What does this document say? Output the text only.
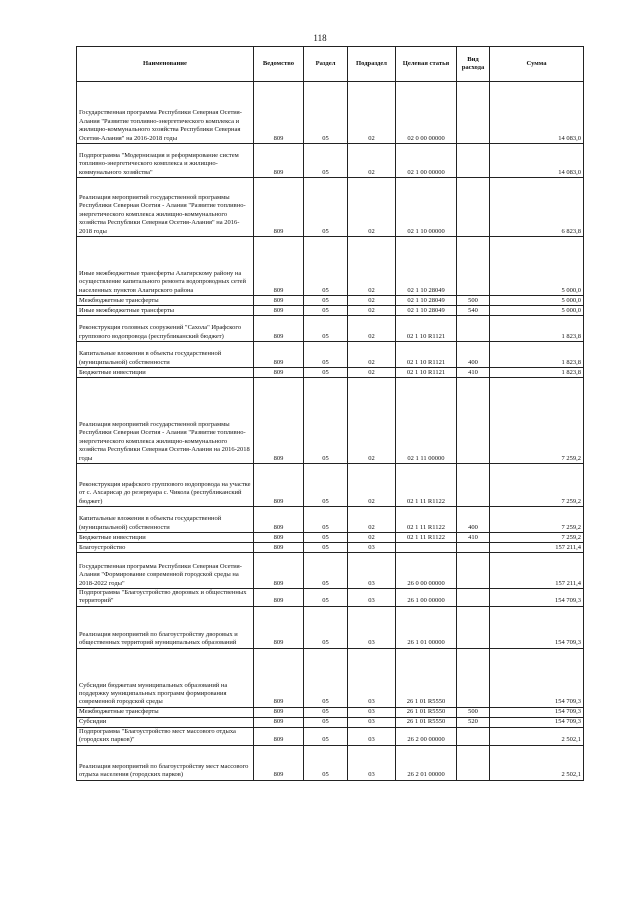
118
Наименование	Ведомство	Раздел	Подраздел	Целевая статья	Вид расхода	Сумма
Государственная программа Республики Северная Осетия-Алания "Развитие топливно-энергетического комплекса и жилищно-коммунального хозяйства Республики Северная Осетия-Алания" на 2016-2018 годы	809	05	02	02 0 00 00000		14 083,0
Подпрограмма "Модернизация и реформирование систем топливно-энергетического комплекса и жилищно-коммунального хозяйства"	809	05	02	02 1 00 00000		14 083,0
Реализация мероприятий государственной программы Республики Северная Осетия - Алания "Развитие топливно-энергетического комплекса жилищно-коммунального хозяйства Республики Северная Осетия-Алания" на 2016-2018 годы	809	05	02	02 1 10 00000		6 823,8
Иные межбюджетные трансферты Алагирскому району на осуществление капитального ремонта водопроводных сетей населенных пунктов Алагирского района	809	05	02	02 1 10 28049		5 000,0
Межбюджетные трансферты	809	05	02	02 1 10 28049	500	5 000,0
Иные межбюджетные трансферты	809	05	02	02 1 10 28049	540	5 000,0
Реконструкция головных сооружений "Сахола" Ирафского группового водопровода (республиканский бюджет)	809	05	02	02 1 10 R1121		1 823,8
Капитальные вложения в объекты государственной (муниципальной) собственности	809	05	02	02 1 10 R1121	400	1 823,8
Бюджетные инвестиции	809	05	02	02 1 10 R1121	410	1 823,8
Реализация мероприятий государственной программы Республики Северная Осетия - Алания "Развитие топливно-энергетического комплекса жилищно-коммунального хозяйства Республики Северная Осетия-Алания на 2016-2018 годы	809	05	02	02 1 11 00000		7 259,2
Реконструкция ирафского группового водопровода на участке от с. Ахсарисар до резервуара с. Чикола (республиканский бюджет)	809	05	02	02 1 11 R1122		7 259,2
Капитальные вложения в объекты государственной (муниципальной) собственности	809	05	02	02 1 11 R1122	400	7 259,2
Бюджетные инвестиции	809	05	02	02 1 11 R1122	410	7 259,2
Благоустройство	809	05	03			157 211,4
Государственная программа Республики Северная Осетия-Алания "Формирование современной городской среды на 2018-2022 годы"	809	05	03	26 0 00 00000		157 211,4
Подпрограмма "Благоустройство дворовых и общественных территорий"	809	05	03	26 1 00 00000		154 709,3
Реализация мероприятий по благоустройству дворовых и общественных территорий муниципальных образований	809	05	03	26 1 01 00000		154 709,3
Субсидии бюджетам муниципальных образований на поддержку муниципальных программ формирования современной городской среды	809	05	03	26 1 01 R5550		154 709,3
Межбюджетные трансферты	809	05	03	26 1 01 R5550	500	154 709,3
Субсидии	809	05	03	26 1 01 R5550	520	154 709,3
Подпрограмма "Благоустройство мест массового отдыха (городских парков)"	809	05	03	26 2 00 00000		2 502,1
Реализация мероприятий по благоустройству мест массового отдыха населения (городских парков)	809	05	03	26 2 01 00000		2 502,1
